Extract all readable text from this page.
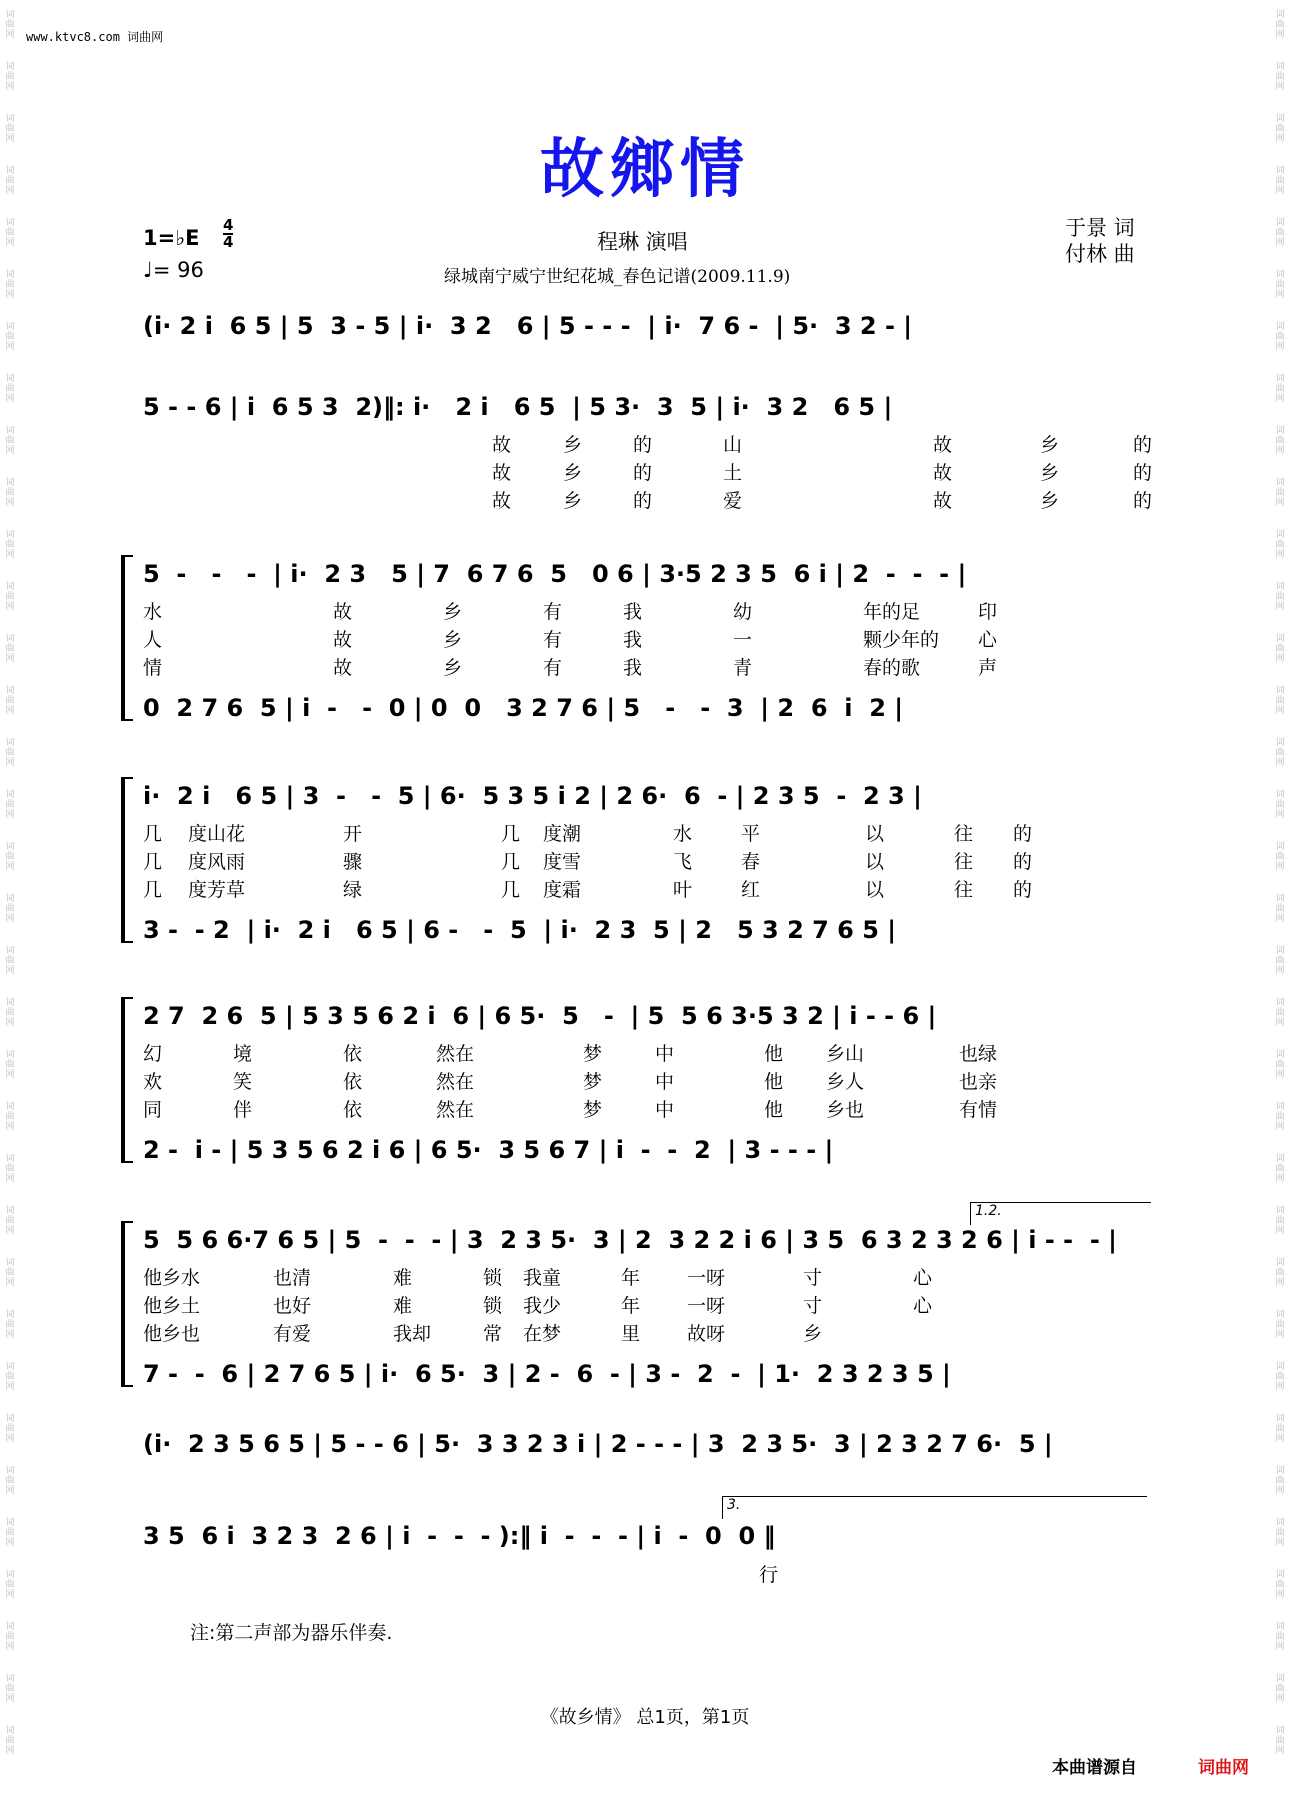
词
曲
网
词
曲
网
词
曲
网
词
曲
网
词
曲
网
词
曲
网
词
曲
网
词
曲
网
词
曲
网
词
曲
网
词
曲
网
词
曲
网
词
曲
网
词
曲
网
词
曲
网
词
曲
网
词
曲
网
词
曲
网
词
曲
网
词
曲
网
词
曲
网
词
曲
网
词
曲
网
词
曲
网
词
曲
网
词
曲
网
词
曲
网
词
曲
网
词
曲
网
词
曲
网
词
曲
网
词
曲
网
词
曲
网
词
曲
网
词
曲
网
词
曲
网
词
曲
网
词
曲
网
词
曲
网
词
曲
网
词
曲
网
词
曲
网
词
曲
网
词
曲
网
词
曲
网
词
曲
网
词
曲
网
词
曲
网
词
曲
网
词
曲
网
词
曲
网
词
曲
网
词
曲
网
词
曲
网
词
曲
网
词
曲
网
词
曲
网
词
曲
网
词
曲
网
词
曲
网
词
曲
网
词
曲
网
词
曲
网
词
曲
网
词
曲
网
词
曲
网
词
曲
网
词
曲
网
www.ktvc8.com 词曲网
故鄉情
1=♭E
4
4
♩= 96
程琳 演唱
于景 词
付林 曲
绿城南宁威宁世纪花城_春色记谱(2009.11.9)
(i· 2 i  6 5 | 5  3 - 5 | i·  3 2   6 | 5 - - -  | i·  7 6 -  | 5·  3 2 - |
5 - - 6 | i  6 5 3  2)‖: i·   2 i   6 5  | 5 3·  3  5 | i·  3 2   6 5 |
故	乡	的	山	故	乡	的
故	乡	的	土	故	乡	的
故	乡	的	爱	故	乡	的
5  -   -   -  | i·  2 3   5 | 7  6 7 6  5   0 6 | 3·5 2 3 5  6 i | 2  -  -  - |
水	故	乡	有	我	幼	年的足	印
人	故	乡	有	我	一	颗少年的 心
情	故	乡	有	我	青	春的歌	声
0  2 7 6  5 | i  -   -  0 | 0  0   3 2 7 6 | 5   -   -  3  | 2  6  i  2 |
i·  2 i   6 5 | 3  -   -  5 | 6·  5 3 5 i 2 | 2 6·  6  - | 2 3 5  -  2 3 |
几 度山花	开	几 度潮	水	平	以	往 的
几 度风雨	骤	几 度雪	飞	春	以	往 的
几 度芳草	绿	几 度霜	叶	红	以	往 的
3 -  - 2  | i·  2 i   6 5 | 6 -   -  5  | i·  2 3  5 | 2   5 3 2 7 6 5 |
2 7  2 6  5 | 5 3 5 6 2 i  6 | 6 5·  5   -  | 5  5 6 3·5 3 2 | i - - 6 |
幻	境	依	然在	梦	中	他 乡山	也绿
欢	笑	依	然在	梦	中	他 乡人	也亲
同	伴	依	然在	梦	中	他 乡也	有情
2 -  i - | 5 3 5 6 2 i 6 | 6 5·  3 5 6 7 | i  -  -  2  | 3 - - - |
1.2.
5  5 6 6·7 6 5 | 5  -  -  - | 3  2 3 5·  3 | 2  3 2 2 i 6 | 3 5  6 3 2 3 2 6 | i - -  - |
他乡水	也清	难	锁 我童	年 一呀	寸	心
他乡土	也好	难	锁 我少	年 一呀	寸	心
他乡也	有爱	我却	常 在梦	里 故呀	乡
7 -  -  6 | 2 7 6 5 | i·  6 5·  3 | 2 -  6  - | 3 -  2  -  | 1·  2 3 2 3 5 |
(i·  2 3 5 6 5 | 5 - - 6 | 5·  3 3 2 3 i | 2 - - - | 3  2 3 5·  3 | 2 3 2 7 6·  5 |
3.
3 5  6 i  3 2 3  2 6 | i  -  -  - ):‖ i  -  -  - | i  -  0  0 ‖
行
注:第二声部为器乐伴奏.
《故乡情》 总1页，第1页
本曲谱源自	词曲网
